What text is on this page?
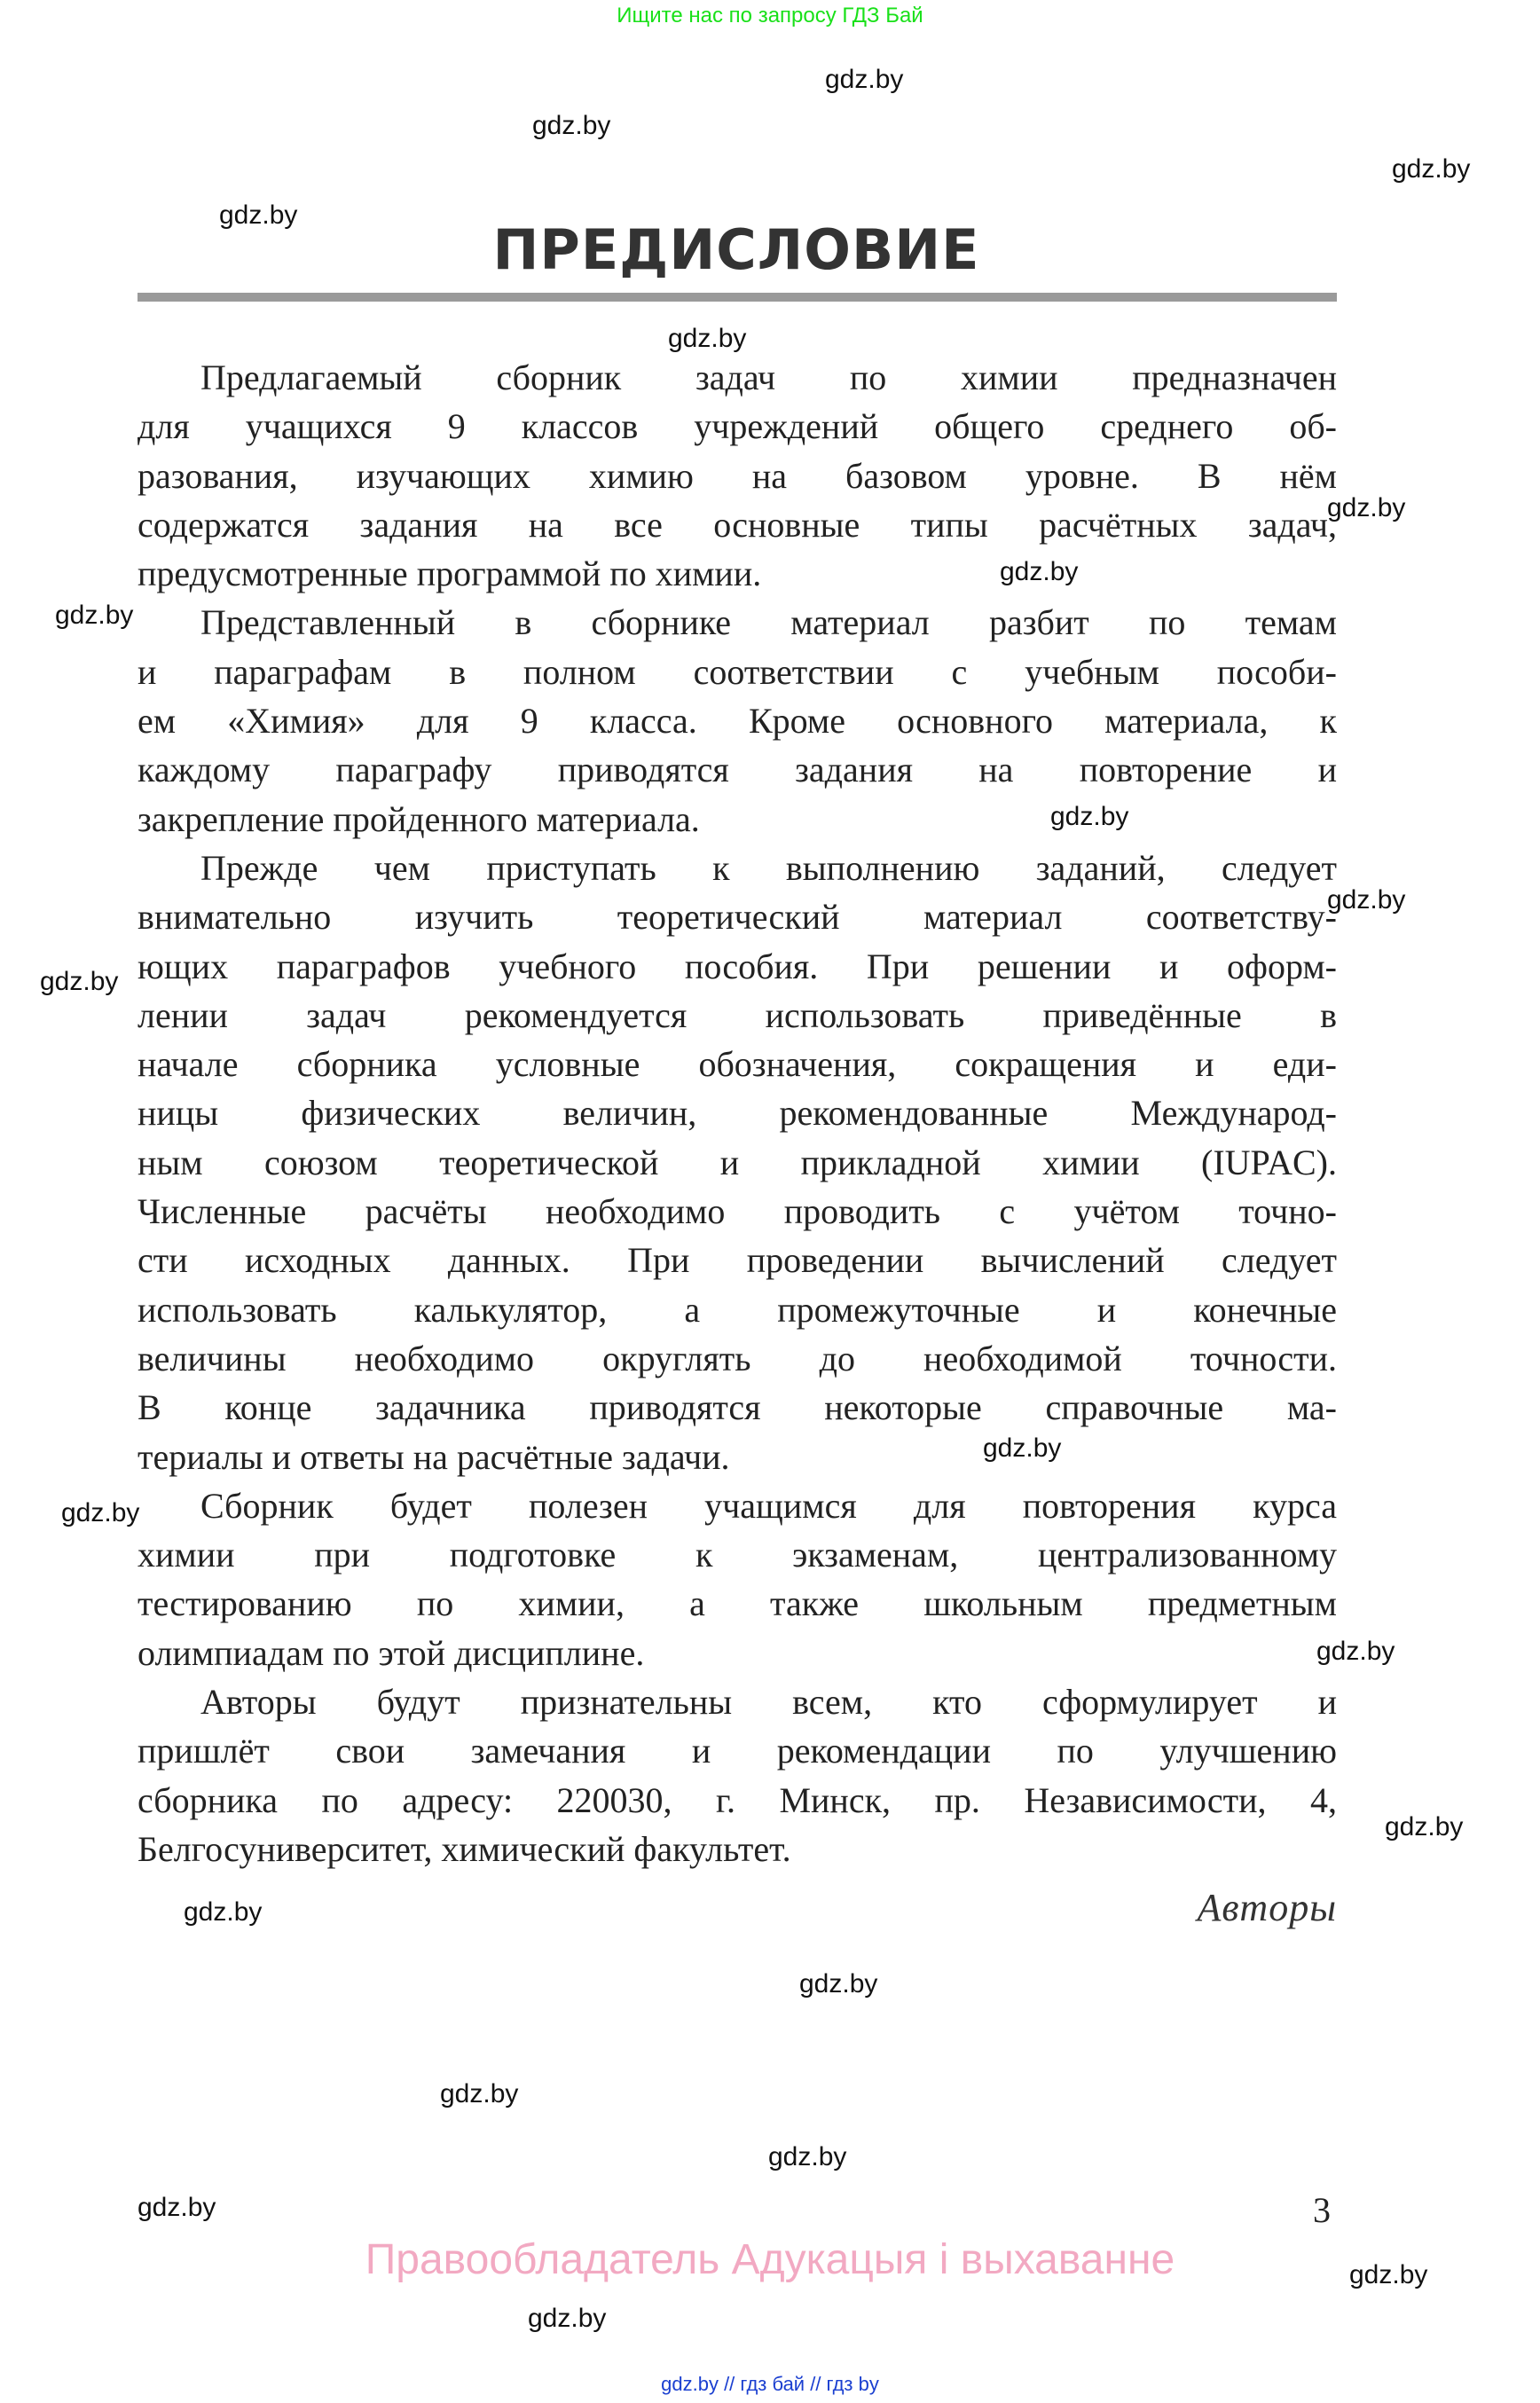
Ищите нас по запросу ГДЗ Бай
ПРЕДИСЛОВИЕ
Предлагаемый сборник задач по химии предназначен
для учащихся 9 классов учреждений общего среднего об-
разования, изучающих химию на базовом уровне. В нём
содержатся задания на все основные типы расчётных задач,
предусмотренные программой по химии.
Представленный в сборнике материал разбит по темам
и параграфам в полном соответствии с учебным пособи-
ем «Химия» для 9 класса. Кроме основного материала, к
каждому параграфу приводятся задания на повторение и
закрепление пройденного материала.
Прежде чем приступать к выполнению заданий, следует
внимательно изучить теоретический материал соответству-
ющих параграфов учебного пособия. При решении и оформ-
лении задач рекомендуется использовать приведённые в
начале сборника условные обозначения, сокращения и еди-
ницы физических величин, рекомендованные Международ-
ным союзом теоретической и прикладной химии (IUPAC).
Численные расчёты необходимо проводить с учётом точно-
сти исходных данных. При проведении вычислений следует
использовать калькулятор, а промежуточные и конечные
величины необходимо округлять до необходимой точности.
В конце задачника приводятся некоторые справочные ма-
териалы и ответы на расчётные задачи.
Сборник будет полезен учащимся для повторения курса
химии при подготовке к экзаменам, централизованному
тестированию по химии, а также школьным предметным
олимпиадам по этой дисциплине.
Авторы будут признательны всем, кто сформулирует и
пришлёт свои замечания и рекомендации по улучшению
сборника по адресу: 220030, г. Минск, пр. Независимости, 4,
Белгосуниверситет, химический факультет.
Авторы
3
Правообладатель Адукацыя і выхаванне
gdz.by // гдз бай // гдз by
gdz.by
gdz.by
gdz.by
gdz.by
gdz.by
gdz.by
gdz.by
gdz.by
gdz.by
gdz.by
gdz.by
gdz.by
gdz.by
gdz.by
gdz.by
gdz.by
gdz.by
gdz.by
gdz.by
gdz.by
gdz.by
gdz.by
